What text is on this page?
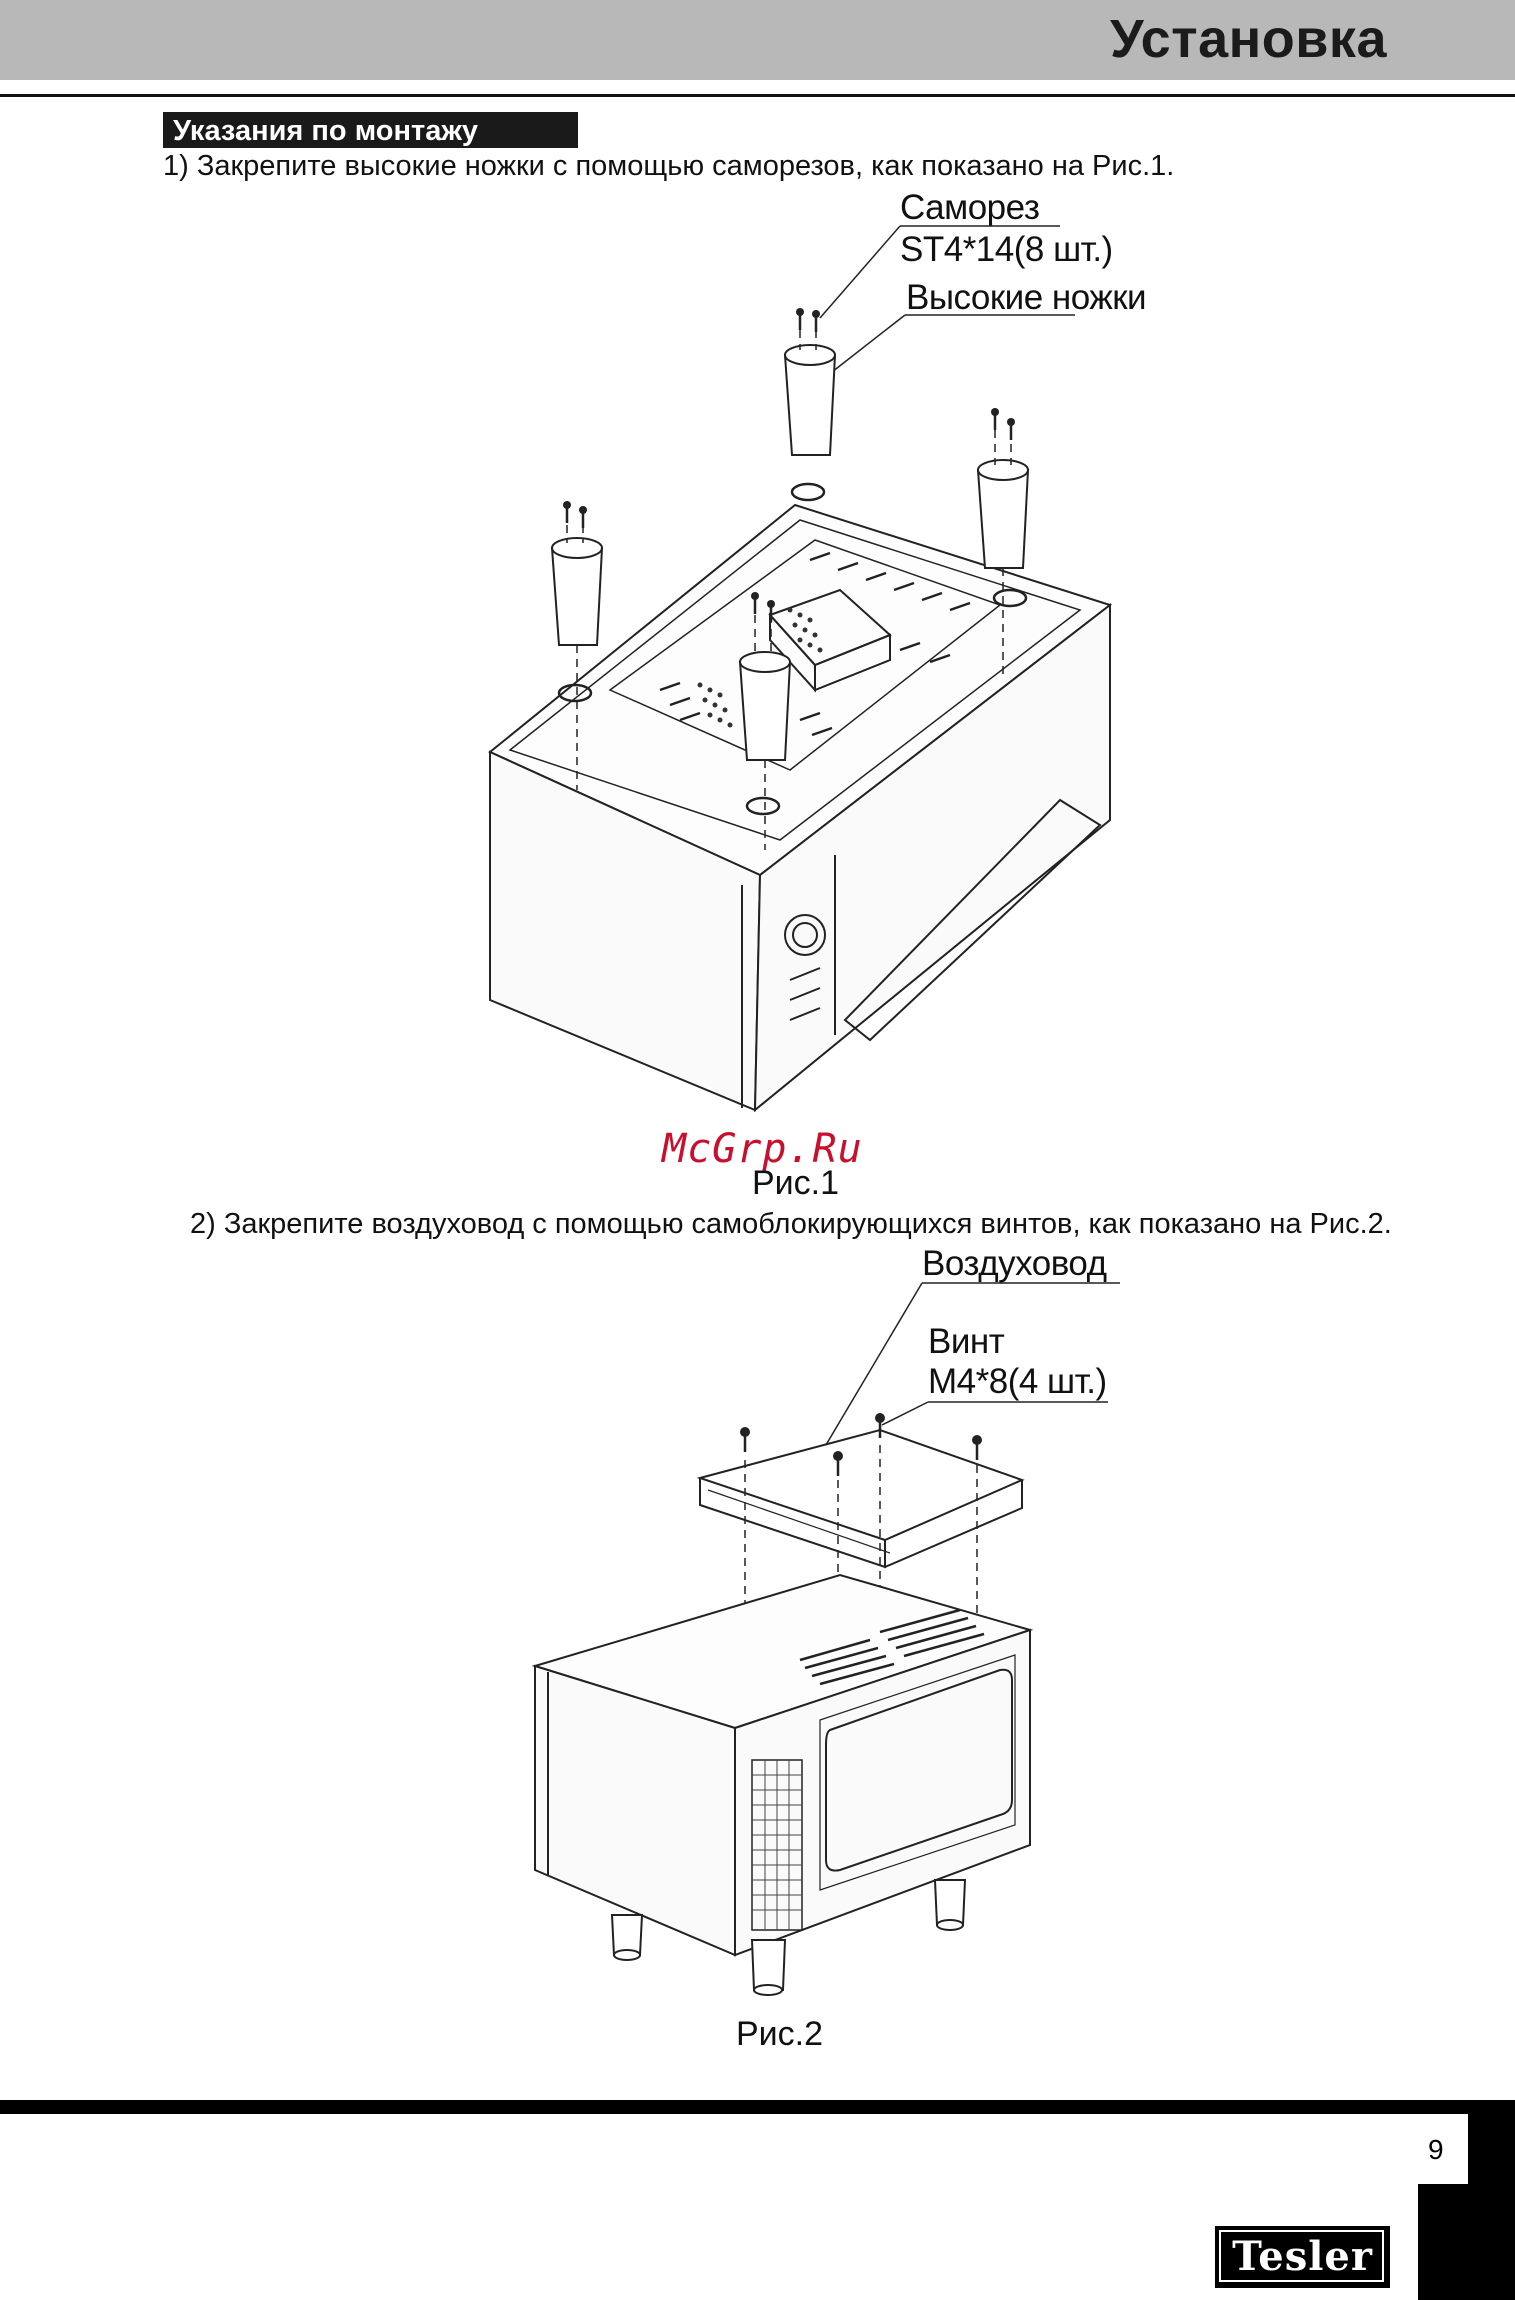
Установка
Указания по монтажу
1) Закрепите высокие ножки с помощью саморезов, как показано на Рис.1.
Саморез
ST4*14(8 шт.)
Высокие ножки
McGrp.Ru
Рис.1
2) Закрепите воздуховод с помощью самоблокирующихся винтов, как показано на Рис.2.
Воздуховод
Винт
M4*8(4 шт.)
Рис.2
9
Tesler
